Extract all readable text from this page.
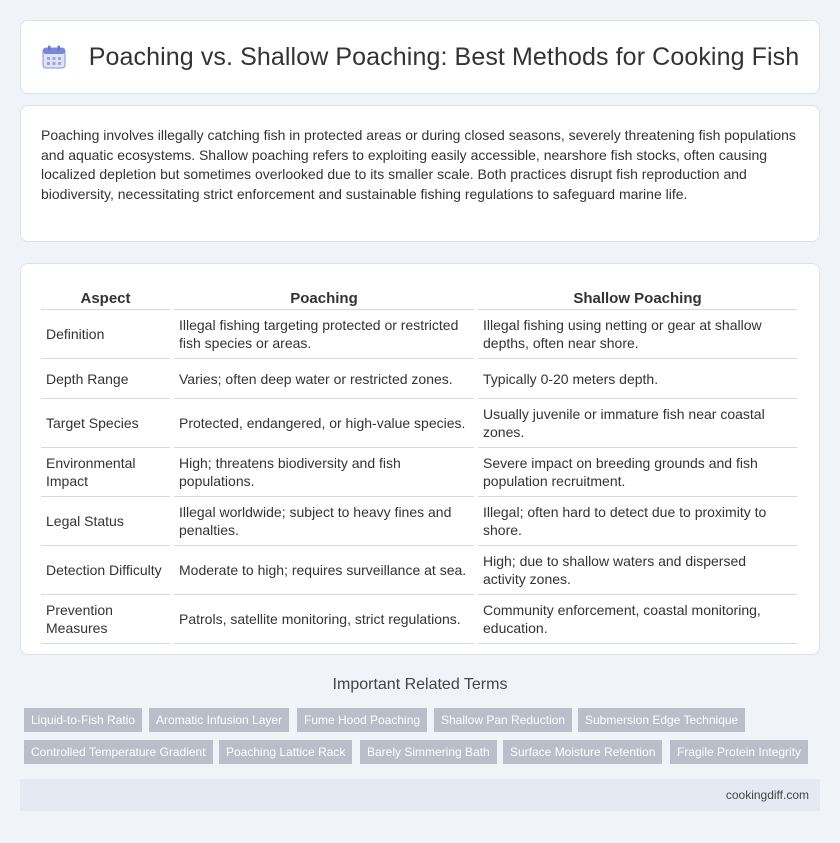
Poaching vs. Shallow Poaching: Best Methods for Cooking Fish

Poaching involves illegally catching fish in protected areas or during closed seasons, severely threatening fish populations and aquatic ecosystems. Shallow poaching refers to exploiting easily accessible, nearshore fish stocks, often causing localized depletion but sometimes overlooked due to its smaller scale. Both practices disrupt fish reproduction and biodiversity, necessitating strict enforcement and sustainable fishing regulations to safeguard marine life.

Aspect	Poaching	Shallow Poaching
Definition	Illegal fishing targeting protected or restricted fish species or areas.	Illegal fishing using netting or gear at shallow depths, often near shore.
Depth Range	Varies; often deep water or restricted zones.	Typically 0-20 meters depth.
Target Species	Protected, endangered, or high-value species.	Usually juvenile or immature fish near coastal zones.
Environmental Impact	High; threatens biodiversity and fish populations.	Severe impact on breeding grounds and fish population recruitment.
Legal Status	Illegal worldwide; subject to heavy fines and penalties.	Illegal; often hard to detect due to proximity to shore.
Detection Difficulty	Moderate to high; requires surveillance at sea.	High; due to shallow waters and dispersed activity zones.
Prevention Measures	Patrols, satellite monitoring, strict regulations.	Community enforcement, coastal monitoring, education.
Important Related Terms
Liquid-to-Fish Ratio	Aromatic Infusion Layer	Fume Hood Poaching	Shallow Pan Reduction	Submersion Edge Technique
Controlled Temperature Gradient	Poaching Lattice Rack	Barely Simmering Bath	Surface Moisture Retention	Fragile Protein Integrity
cookingdiff.com
